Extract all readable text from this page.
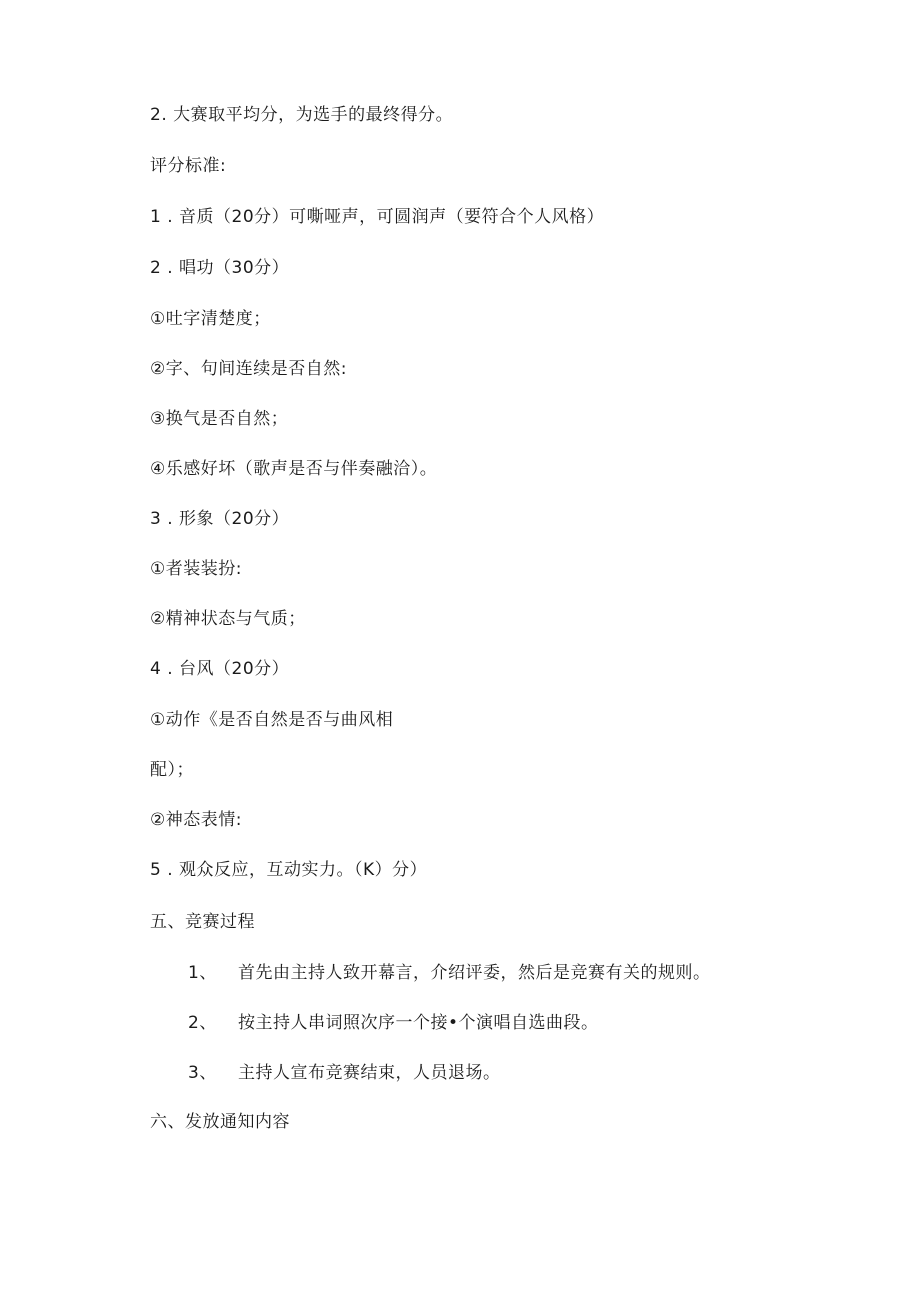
2. 大赛取平均分，为选手的最终得分。
评分标准:
1 . 音质（20分）可嘶哑声，可圆润声（要符合个人风格）
2 . 唱功（30分）
①吐字清楚度；
②字、句间连续是否自然:
③换气是否自然；
④乐感好坏（歌声是否与伴奏融洽）。
3 . 形象（20分）
①者装装扮:
②精神状态与气质；
4 . 台风（20分）
①动作《是否自然是否与曲风相
配）；
②神态表情:
5 . 观众反应，互动实力。（K）分）
五、竞赛过程
1、 首先由主持人致开幕言，介绍评委，然后是竞赛有关的规则。
2、 按主持人串词照次序一个接•个演唱自选曲段。
3、 主持人宣布竞赛结束，人员退场。
六、发放通知内容
